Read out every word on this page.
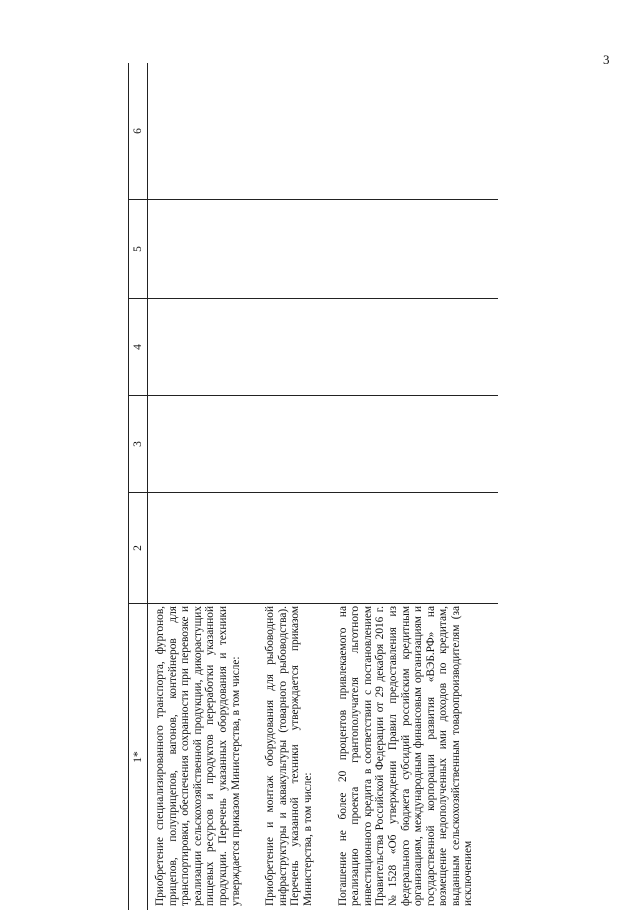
3
1*	2	3	4	5	6

Приобретение специализированного транспорта, фургонов, прицепов, полуприцепов, вагонов, контейнеров для транспортировки, обеспечения сохранности при перевозке и реализации сельскохозяйственной продукции, дикорастущих пищевых ресурсов и продуктов переработки указанной продукции. Перечень указанных оборудования и техники утверждается приказом Министерства, в том числе: Приобретение и монтаж оборудования для рыбоводной инфраструктуры и аквакультуры (товарного рыбоводства). Перечень указанной техники утверждается приказом Министерства, в том числе: Погашение не более 20 процентов привлекаемого на реализацию проекта грантополучателя льготного инвестиционного кредита в соответствии с постановлением Правительства Российской Федерации от 29 декабря 2016 г. №1528 «Об утверждении Правил предоставления из федерального бюджета субсидий российским кредитным организациям, международным финансовым организациям и государственной корпорации развития «ВЭБ.РФ» на возмещение недополученных ими доходов по кредитам, выданным сельскохозяйственным товаропроизводителям (за исключением					
